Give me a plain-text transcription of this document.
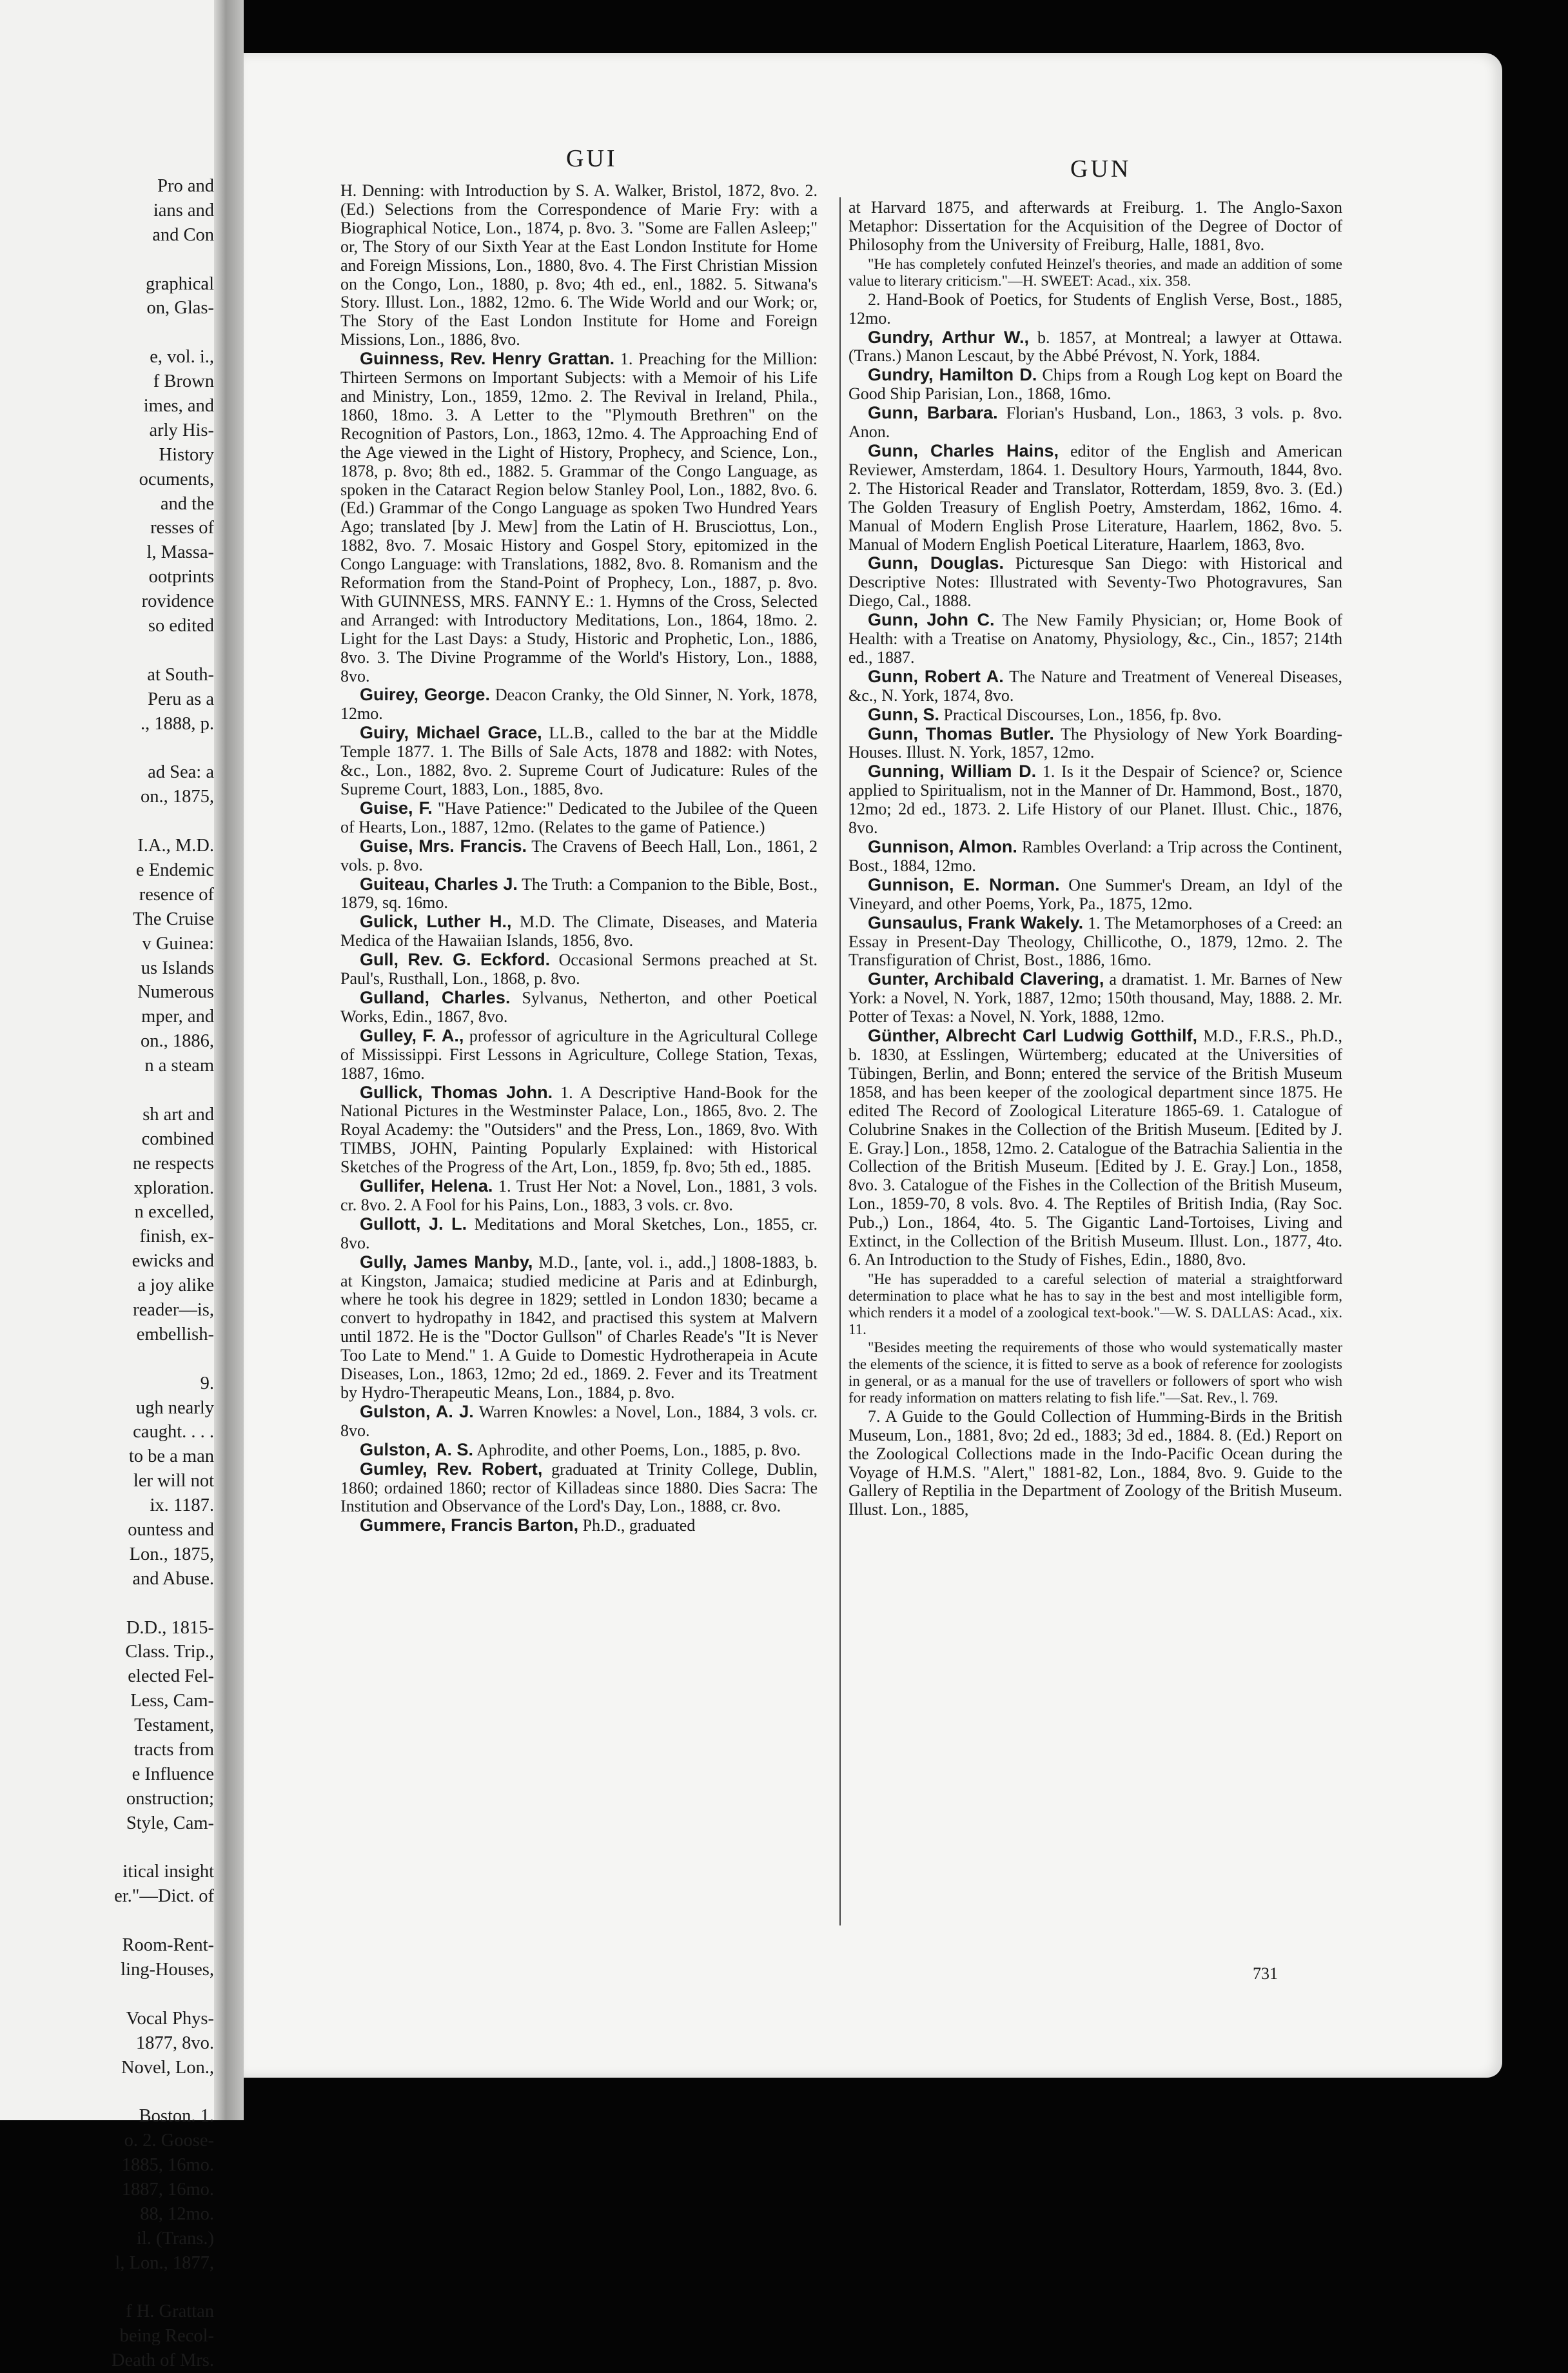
Pro and
ians and
and Con
graphical
on, Glas-
e, vol. i.,
f Brown
imes, and
arly His-
History
ocuments,
and the
resses of
l, Massa-
ootprints
rovidence
so edited
at South-
Peru as a
., 1888, p.
ad Sea: a
on., 1875,
I.A., M.D.
e Endemic
resence of
The Cruise
v Guinea:
us Islands
Numerous
mper, and
on., 1886,
n a steam
sh art and
combined
ne respects
xploration.
n excelled,
finish, ex-
ewicks and
a joy alike
reader—is,
embellish-
9.
ugh nearly
caught. . . .
to be a man
ler will not
ix. 1187.
ountess and
Lon., 1875,
and Abuse.
D.D., 1815-
Class. Trip.,
elected Fel-
Less, Cam-
Testament,
tracts from
e Influence
onstruction;
Style, Cam-
itical insight
er."—Dict. of
Room-Rent-
ling-Houses,
Vocal Phys-
1877, 8vo.
Novel, Lon.,
Boston. 1.
o. 2. Goose-
1885, 16mo.
1887, 16mo.
88, 12mo.
il. (Trans.)
l, Lon., 1877,
f H. Grattan
being Recol-
Death of Mrs.
GUI	GUN
H. Denning: with Introduction by S. A. Walker, Bristol, 1872, 8vo. 2. (Ed.) Selections from the Correspondence of Marie Fry: with a Biographical Notice, Lon., 1874, p. 8vo. 3. "Some are Fallen Asleep;" or, The Story of our Sixth Year at the East London Institute for Home and Foreign Missions, Lon., 1880, 8vo. 4. The First Christian Mission on the Congo, Lon., 1880, p. 8vo; 4th ed., enl., 1882. 5. Sitwana's Story. Illust. Lon., 1882, 12mo. 6. The Wide World and our Work; or, The Story of the East London Institute for Home and Foreign Missions, Lon., 1886, 8vo.
Guinness, Rev. Henry Grattan. 1. Preaching for the Million: Thirteen Sermons on Important Subjects: with a Memoir of his Life and Ministry, Lon., 1859, 12mo. 2. The Revival in Ireland, Phila., 1860, 18mo. 3. A Letter to the "Plymouth Brethren" on the Recognition of Pastors, Lon., 1863, 12mo. 4. The Approaching End of the Age viewed in the Light of History, Prophecy, and Science, Lon., 1878, p. 8vo; 8th ed., 1882. 5. Grammar of the Congo Language, as spoken in the Cataract Region below Stanley Pool, Lon., 1882, 8vo. 6. (Ed.) Grammar of the Congo Language as spoken Two Hundred Years Ago; translated [by J. Mew] from the Latin of H. Brusciottus, Lon., 1882, 8vo. 7. Mosaic History and Gospel Story, epitomized in the Congo Language: with Translations, 1882, 8vo. 8. Romanism and the Reformation from the Stand-Point of Prophecy, Lon., 1887, p. 8vo. With GUINNESS, MRS. FANNY E.: 1. Hymns of the Cross, Selected and Arranged: with Introductory Meditations, Lon., 1864, 18mo. 2. Light for the Last Days: a Study, Historic and Prophetic, Lon., 1886, 8vo. 3. The Divine Programme of the World's History, Lon., 1888, 8vo.
Guirey, George. Deacon Cranky, the Old Sinner, N. York, 1878, 12mo.
Guiry, Michael Grace, LL.B., called to the bar at the Middle Temple 1877. 1. The Bills of Sale Acts, 1878 and 1882: with Notes, &c., Lon., 1882, 8vo. 2. Supreme Court of Judicature: Rules of the Supreme Court, 1883, Lon., 1885, 8vo.
Guise, F. "Have Patience:" Dedicated to the Jubilee of the Queen of Hearts, Lon., 1887, 12mo. (Relates to the game of Patience.)
Guise, Mrs. Francis. The Cravens of Beech Hall, Lon., 1861, 2 vols. p. 8vo.
Guiteau, Charles J. The Truth: a Companion to the Bible, Bost., 1879, sq. 16mo.
Gulick, Luther H., M.D. The Climate, Diseases, and Materia Medica of the Hawaiian Islands, 1856, 8vo.
Gull, Rev. G. Eckford. Occasional Sermons preached at St. Paul's, Rusthall, Lon., 1868, p. 8vo.
Gulland, Charles. Sylvanus, Netherton, and other Poetical Works, Edin., 1867, 8vo.
Gulley, F. A., professor of agriculture in the Agricultural College of Mississippi. First Lessons in Agriculture, College Station, Texas, 1887, 16mo.
Gullick, Thomas John. 1. A Descriptive Hand-Book for the National Pictures in the Westminster Palace, Lon., 1865, 8vo. 2. The Royal Academy: the "Outsiders" and the Press, Lon., 1869, 8vo. With TIMBS, JOHN, Painting Popularly Explained: with Historical Sketches of the Progress of the Art, Lon., 1859, fp. 8vo; 5th ed., 1885.
Gullifer, Helena. 1. Trust Her Not: a Novel, Lon., 1881, 3 vols. cr. 8vo. 2. A Fool for his Pains, Lon., 1883, 3 vols. cr. 8vo.
Gullott, J. L. Meditations and Moral Sketches, Lon., 1855, cr. 8vo.
Gully, James Manby, M.D., [ante, vol. i., add.,] 1808-1883, b. at Kingston, Jamaica; studied medicine at Paris and at Edinburgh, where he took his degree in 1829; settled in London 1830; became a convert to hydropathy in 1842, and practised this system at Malvern until 1872. He is the "Doctor Gullson" of Charles Reade's "It is Never Too Late to Mend." 1. A Guide to Domestic Hydrotherapeia in Acute Diseases, Lon., 1863, 12mo; 2d ed., 1869. 2. Fever and its Treatment by Hydro-Therapeutic Means, Lon., 1884, p. 8vo.
Gulston, A. J. Warren Knowles: a Novel, Lon., 1884, 3 vols. cr. 8vo.
Gulston, A. S. Aphrodite, and other Poems, Lon., 1885, p. 8vo.
Gumley, Rev. Robert, graduated at Trinity College, Dublin, 1860; ordained 1860; rector of Killadeas since 1880. Dies Sacra: The Institution and Observance of the Lord's Day, Lon., 1888, cr. 8vo.
Gummere, Francis Barton, Ph.D., graduated
at Harvard 1875, and afterwards at Freiburg. 1. The Anglo-Saxon Metaphor: Dissertation for the Acquisition of the Degree of Doctor of Philosophy from the University of Freiburg, Halle, 1881, 8vo.
"He has completely confuted Heinzel's theories, and made an addition of some value to literary criticism."—H. SWEET: Acad., xix. 358.
2. Hand-Book of Poetics, for Students of English Verse, Bost., 1885, 12mo.
Gundry, Arthur W., b. 1857, at Montreal; a lawyer at Ottawa. (Trans.) Manon Lescaut, by the Abbé Prévost, N. York, 1884.
Gundry, Hamilton D. Chips from a Rough Log kept on Board the Good Ship Parisian, Lon., 1868, 16mo.
Gunn, Barbara. Florian's Husband, Lon., 1863, 3 vols. p. 8vo. Anon.
Gunn, Charles Hains, editor of the English and American Reviewer, Amsterdam, 1864. 1. Desultory Hours, Yarmouth, 1844, 8vo. 2. The Historical Reader and Translator, Rotterdam, 1859, 8vo. 3. (Ed.) The Golden Treasury of English Poetry, Amsterdam, 1862, 16mo. 4. Manual of Modern English Prose Literature, Haarlem, 1862, 8vo. 5. Manual of Modern English Poetical Literature, Haarlem, 1863, 8vo.
Gunn, Douglas. Picturesque San Diego: with Historical and Descriptive Notes: Illustrated with Seventy-Two Photogravures, San Diego, Cal., 1888.
Gunn, John C. The New Family Physician; or, Home Book of Health: with a Treatise on Anatomy, Physiology, &c., Cin., 1857; 214th ed., 1887.
Gunn, Robert A. The Nature and Treatment of Venereal Diseases, &c., N. York, 1874, 8vo.
Gunn, S. Practical Discourses, Lon., 1856, fp. 8vo.
Gunn, Thomas Butler. The Physiology of New York Boarding-Houses. Illust. N. York, 1857, 12mo.
Gunning, William D. 1. Is it the Despair of Science? or, Science applied to Spiritualism, not in the Manner of Dr. Hammond, Bost., 1870, 12mo; 2d ed., 1873. 2. Life History of our Planet. Illust. Chic., 1876, 8vo.
Gunnison, Almon. Rambles Overland: a Trip across the Continent, Bost., 1884, 12mo.
Gunnison, E. Norman. One Summer's Dream, an Idyl of the Vineyard, and other Poems, York, Pa., 1875, 12mo.
Gunsaulus, Frank Wakely. 1. The Metamorphoses of a Creed: an Essay in Present-Day Theology, Chillicothe, O., 1879, 12mo. 2. The Transfiguration of Christ, Bost., 1886, 16mo.
Gunter, Archibald Clavering, a dramatist. 1. Mr. Barnes of New York: a Novel, N. York, 1887, 12mo; 150th thousand, May, 1888. 2. Mr. Potter of Texas: a Novel, N. York, 1888, 12mo.
Günther, Albrecht Carl Ludwig Gotthilf, M.D., F.R.S., Ph.D., b. 1830, at Esslingen, Würtemberg; educated at the Universities of Tübingen, Berlin, and Bonn; entered the service of the British Museum 1858, and has been keeper of the zoological department since 1875. He edited The Record of Zoological Literature 1865-69. 1. Catalogue of Colubrine Snakes in the Collection of the British Museum. [Edited by J. E. Gray.] Lon., 1858, 12mo. 2. Catalogue of the Batrachia Salientia in the Collection of the British Museum. [Edited by J. E. Gray.] Lon., 1858, 8vo. 3. Catalogue of the Fishes in the Collection of the British Museum, Lon., 1859-70, 8 vols. 8vo. 4. The Reptiles of British India, (Ray Soc. Pub.,) Lon., 1864, 4to. 5. The Gigantic Land-Tortoises, Living and Extinct, in the Collection of the British Museum. Illust. Lon., 1877, 4to. 6. An Introduction to the Study of Fishes, Edin., 1880, 8vo.
"He has superadded to a careful selection of material a straightforward determination to place what he has to say in the best and most intelligible form, which renders it a model of a zoological text-book."—W. S. DALLAS: Acad., xix. 11.
"Besides meeting the requirements of those who would systematically master the elements of the science, it is fitted to serve as a book of reference for zoologists in general, or as a manual for the use of travellers or followers of sport who wish for ready information on matters relating to fish life."—Sat. Rev., l. 769.
7. A Guide to the Gould Collection of Humming-Birds in the British Museum, Lon., 1881, 8vo; 2d ed., 1883; 3d ed., 1884. 8. (Ed.) Report on the Zoological Collections made in the Indo-Pacific Ocean during the Voyage of H.M.S. "Alert," 1881-82, Lon., 1884, 8vo. 9. Guide to the Gallery of Reptilia in the Department of Zoology of the British Museum. Illust. Lon., 1885,
731
